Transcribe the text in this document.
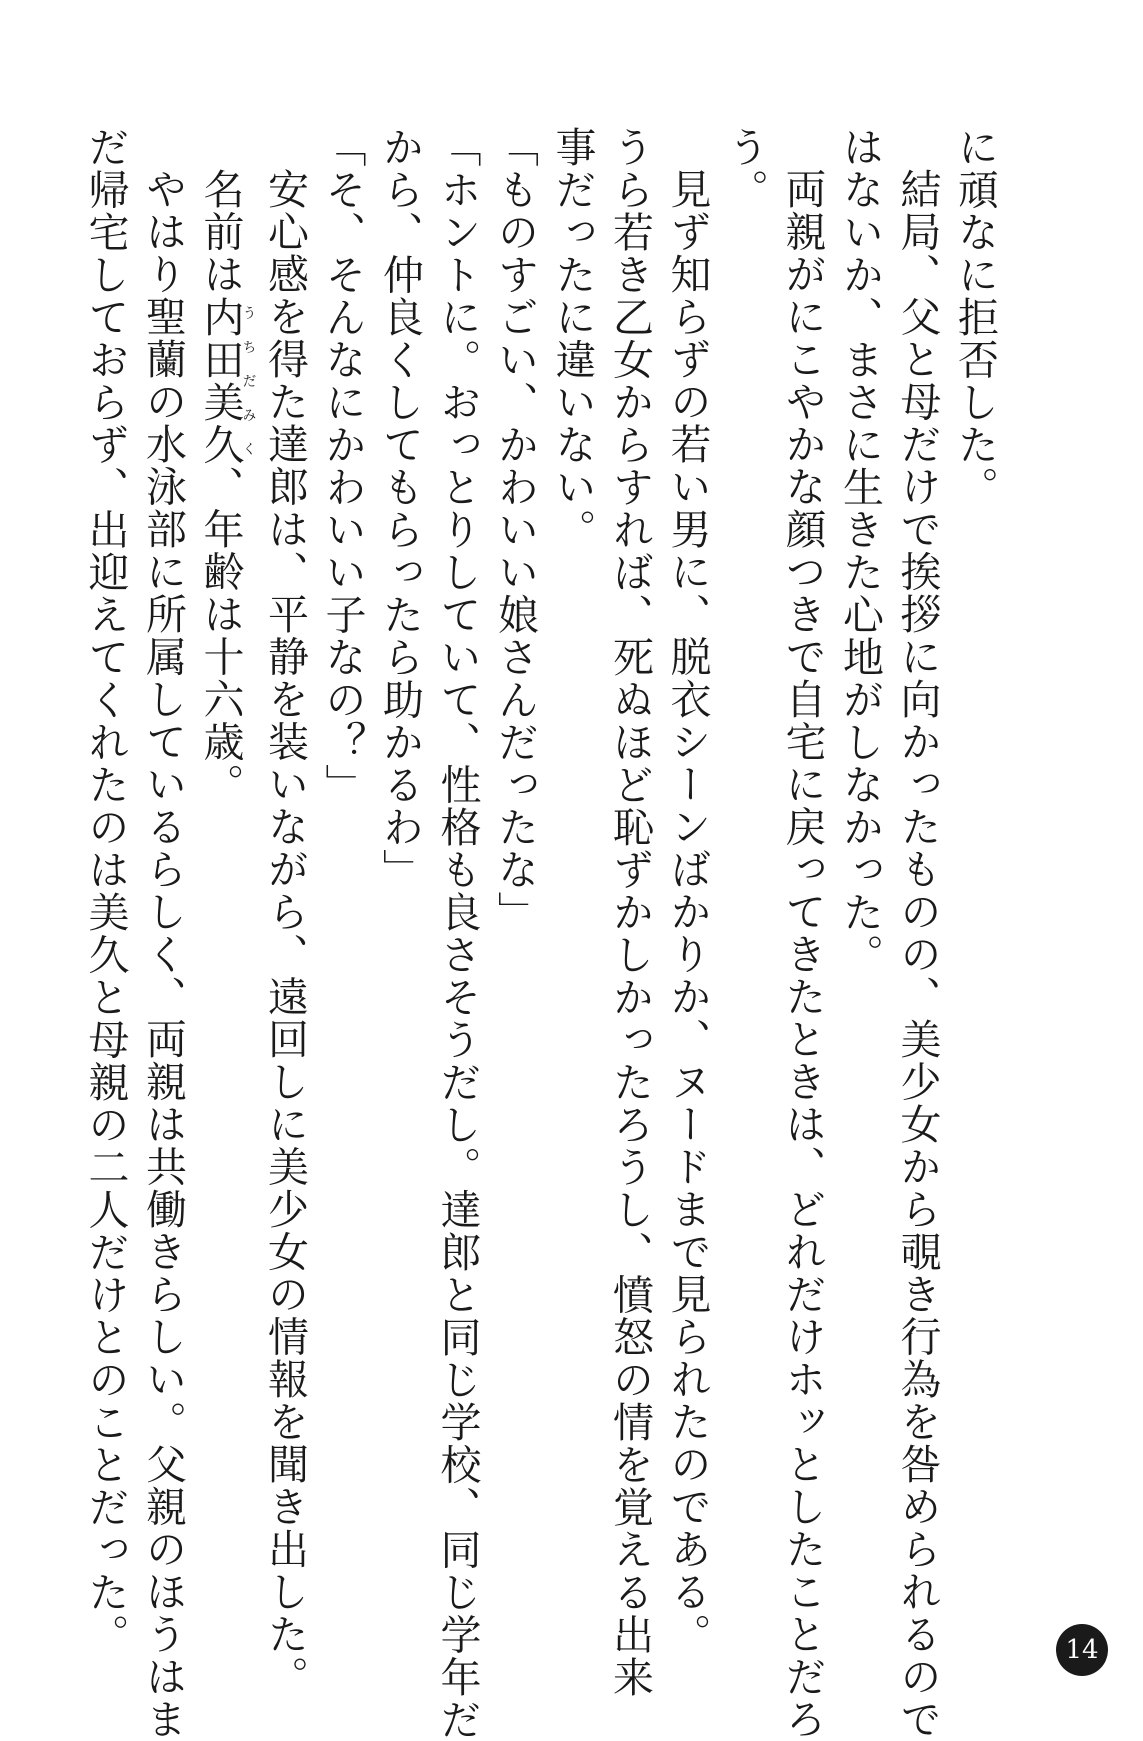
に頑なに拒否した。
結局、父と母だけで挨拶に向かったものの、美少女から覗き行為を咎められるので
はないか、まさに生きた心地がしなかった。
両親がにこやかな顔つきで自宅に戻ってきたときは、どれだけホッとしたことだろ
う。
見ず知らずの若い男に、脱衣シーンばかりか、ヌードまで見られたのである。
うら若き乙女からすれば、死ぬほど恥ずかしかったろうし、憤怒の情を覚える出来
事だったに違いない。
「ものすごい、かわいい娘さんだったな」
「ホントに。おっとりしていて、性格も良さそうだし。達郎と同じ学校、同じ学年だ
から、仲良くしてもらったら助かるわ」
「そ、そんなにかわいい子なの？」
安心感を得た達郎は、平静を装いながら、遠回しに美少女の情報を聞き出した。
名前は内田美久うちだみく、年齢は十六歳。
やはり聖蘭の水泳部に所属しているらしく、両親は共働きらしい。父親のほうはま
だ帰宅しておらず、出迎えてくれたのは美久と母親の二人だけとのことだった。	14
